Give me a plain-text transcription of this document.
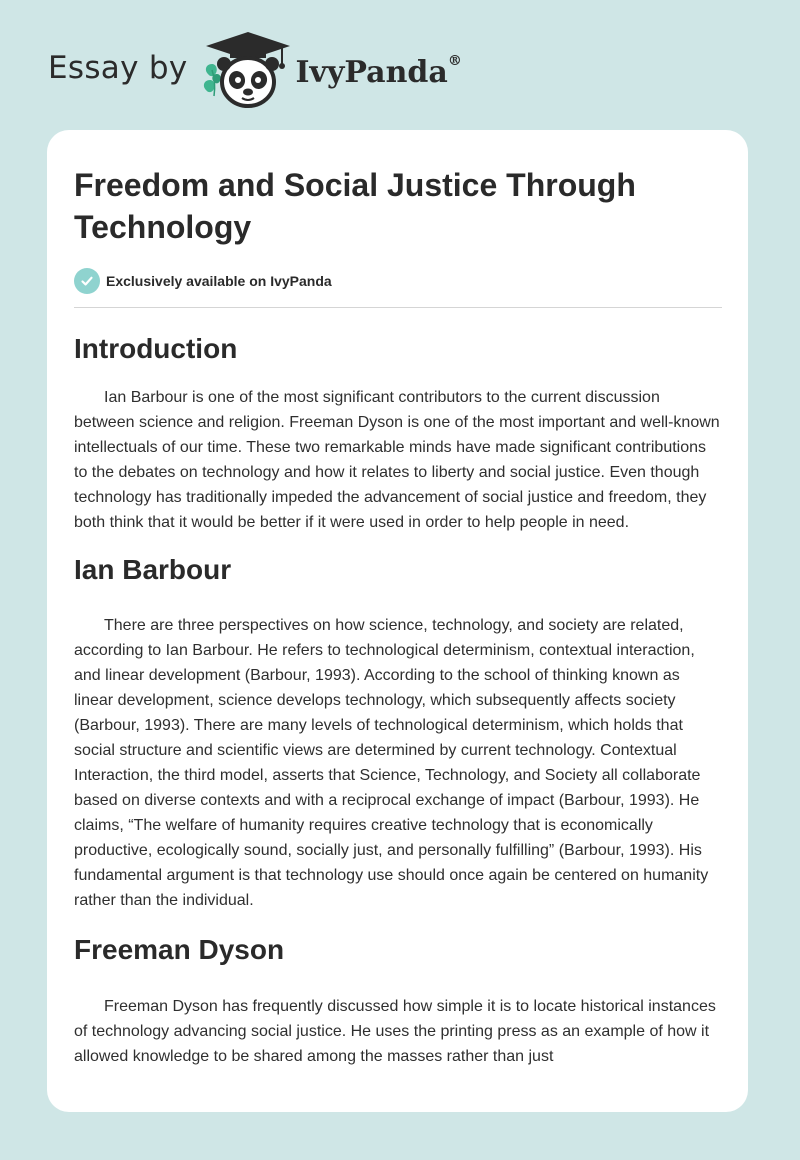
Essay by	IvyPanda®
Freedom and Social Justice Through Technology
Exclusively available on IvyPanda
Introduction

Ian Barbour is one of the most significant contributors to the current discussion between science and religion. Freeman Dyson is one of the most important and well-known intellectuals of our time. These two remarkable minds have made significant contributions to the debates on technology and how it relates to liberty and social justice. Even though technology has traditionally impeded the advancement of social justice and freedom, they both think that it would be better if it were used in order to help people in need.

Ian Barbour

There are three perspectives on how science, technology, and society are related, according to Ian Barbour. He refers to technological determinism, contextual interaction, and linear development (Barbour, 1993). According to the school of thinking known as linear development, science develops technology, which subsequently affects society (Barbour, 1993). There are many levels of technological determinism, which holds that social structure and scientific views are determined by current technology. Contextual Interaction, the third model, asserts that Science, Technology, and Society all collaborate based on diverse contexts and with a reciprocal exchange of impact (Barbour, 1993). He claims, “The welfare of humanity requires creative technology that is economically productive, ecologically sound, socially just, and personally fulfilling” (Barbour, 1993). His fundamental argument is that technology use should once again be centered on humanity rather than the individual.

Freeman Dyson

Freeman Dyson has frequently discussed how simple it is to locate historical instances of technology advancing social justice. He uses the printing press as an example of how it allowed knowledge to be shared among the masses rather than just
